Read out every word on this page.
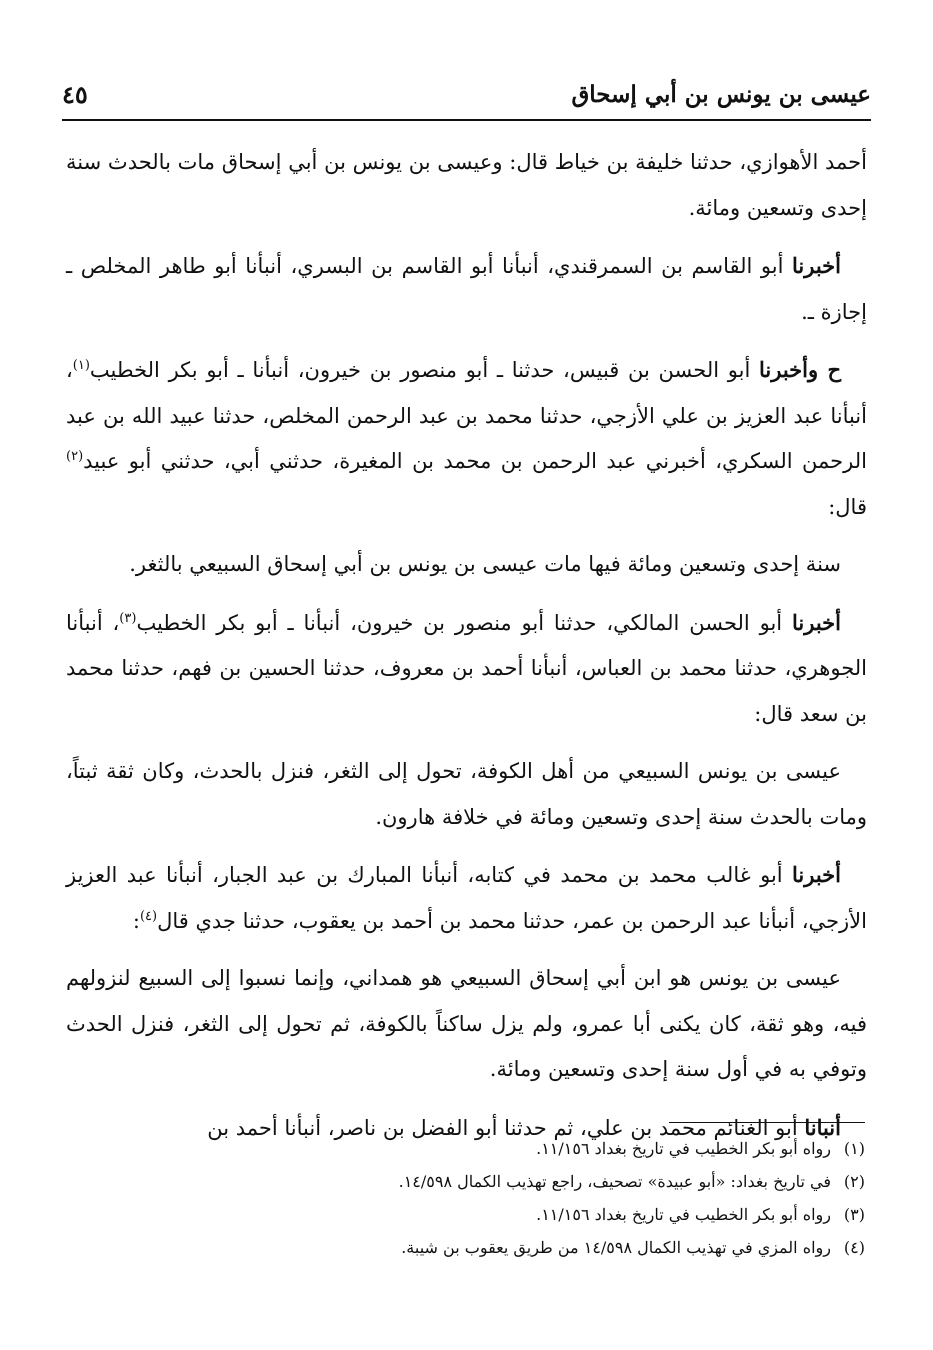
عيسى بن يونس بن أبي إسحاق
٤٥

أحمد الأهوازي، حدثنا خليفة بن خياط قال: وعيسى بن يونس بن أبي إسحاق مات بالحدث سنة إحدى وتسعين ومائة.

أخبرنا أبو القاسم بن السمرقندي، أنبأنا أبو القاسم بن البسري، أنبأنا أبو طاهر المخلص ـ إجازة ـ.

ح وأخبرنا أبو الحسن بن قبيس، حدثنا ـ أبو منصور بن خيرون، أنبأنا ـ أبو بكر الخطيب$^{(١)}$، أنبأنا عبد العزيز بن علي الأزجي، حدثنا محمد بن عبد الرحمن المخلص، حدثنا عبيد الله بن عبد الرحمن السكري، أخبرني عبد الرحمن بن محمد بن المغيرة، حدثني أبي، حدثني أبو عبيد$^{(٢)}$ قال:

سنة إحدى وتسعين ومائة فيها مات عيسى بن يونس بن أبي إسحاق السبيعي بالثغر.

أخبرنا أبو الحسن المالكي، حدثنا أبو منصور بن خيرون، أنبأنا ـ أبو بكر الخطيب$^{(٣)}$، أنبأنا الجوهري، حدثنا محمد بن العباس، أنبأنا أحمد بن معروف، حدثنا الحسين بن فهم، حدثنا محمد بن سعد قال:

عيسى بن يونس السبيعي من أهل الكوفة، تحول إلى الثغر، فنزل بالحدث، وكان ثقة ثبتاً، ومات بالحدث سنة إحدى وتسعين ومائة في خلافة هارون.

أخبرنا أبو غالب محمد بن محمد في كتابه، أنبأنا المبارك بن عبد الجبار، أنبأنا عبد العزيز الأزجي، أنبأنا عبد الرحمن بن عمر، حدثنا محمد بن أحمد بن يعقوب، حدثنا جدي قال$^{(٤)}$:

عيسى بن يونس هو ابن أبي إسحاق السبيعي هو همداني، وإنما نسبوا إلى السبيع لنزولهم فيه، وهو ثقة، كان يكنى أبا عمرو، ولم يزل ساكناً بالكوفة، ثم تحول إلى الثغر، فنزل الحدث وتوفي به في أول سنة إحدى وتسعين ومائة.

أنبانا أبو الغنائم محمد بن علي، ثم حدثنا أبو الفضل بن ناصر، أنبأنا أحمد بن

(١)رواه أبو بكر الخطيب في تاريخ بغداد ١١/١٥٦.

(٢)في تاريخ بغداد: «أبو عبيدة» تصحيف، راجع تهذيب الكمال ١٤/٥٩٨.

(٣)رواه أبو بكر الخطيب في تاريخ بغداد ١١/١٥٦.

(٤)رواه المزي في تهذيب الكمال ١٤/٥٩٨ من طريق يعقوب بن شيبة.
